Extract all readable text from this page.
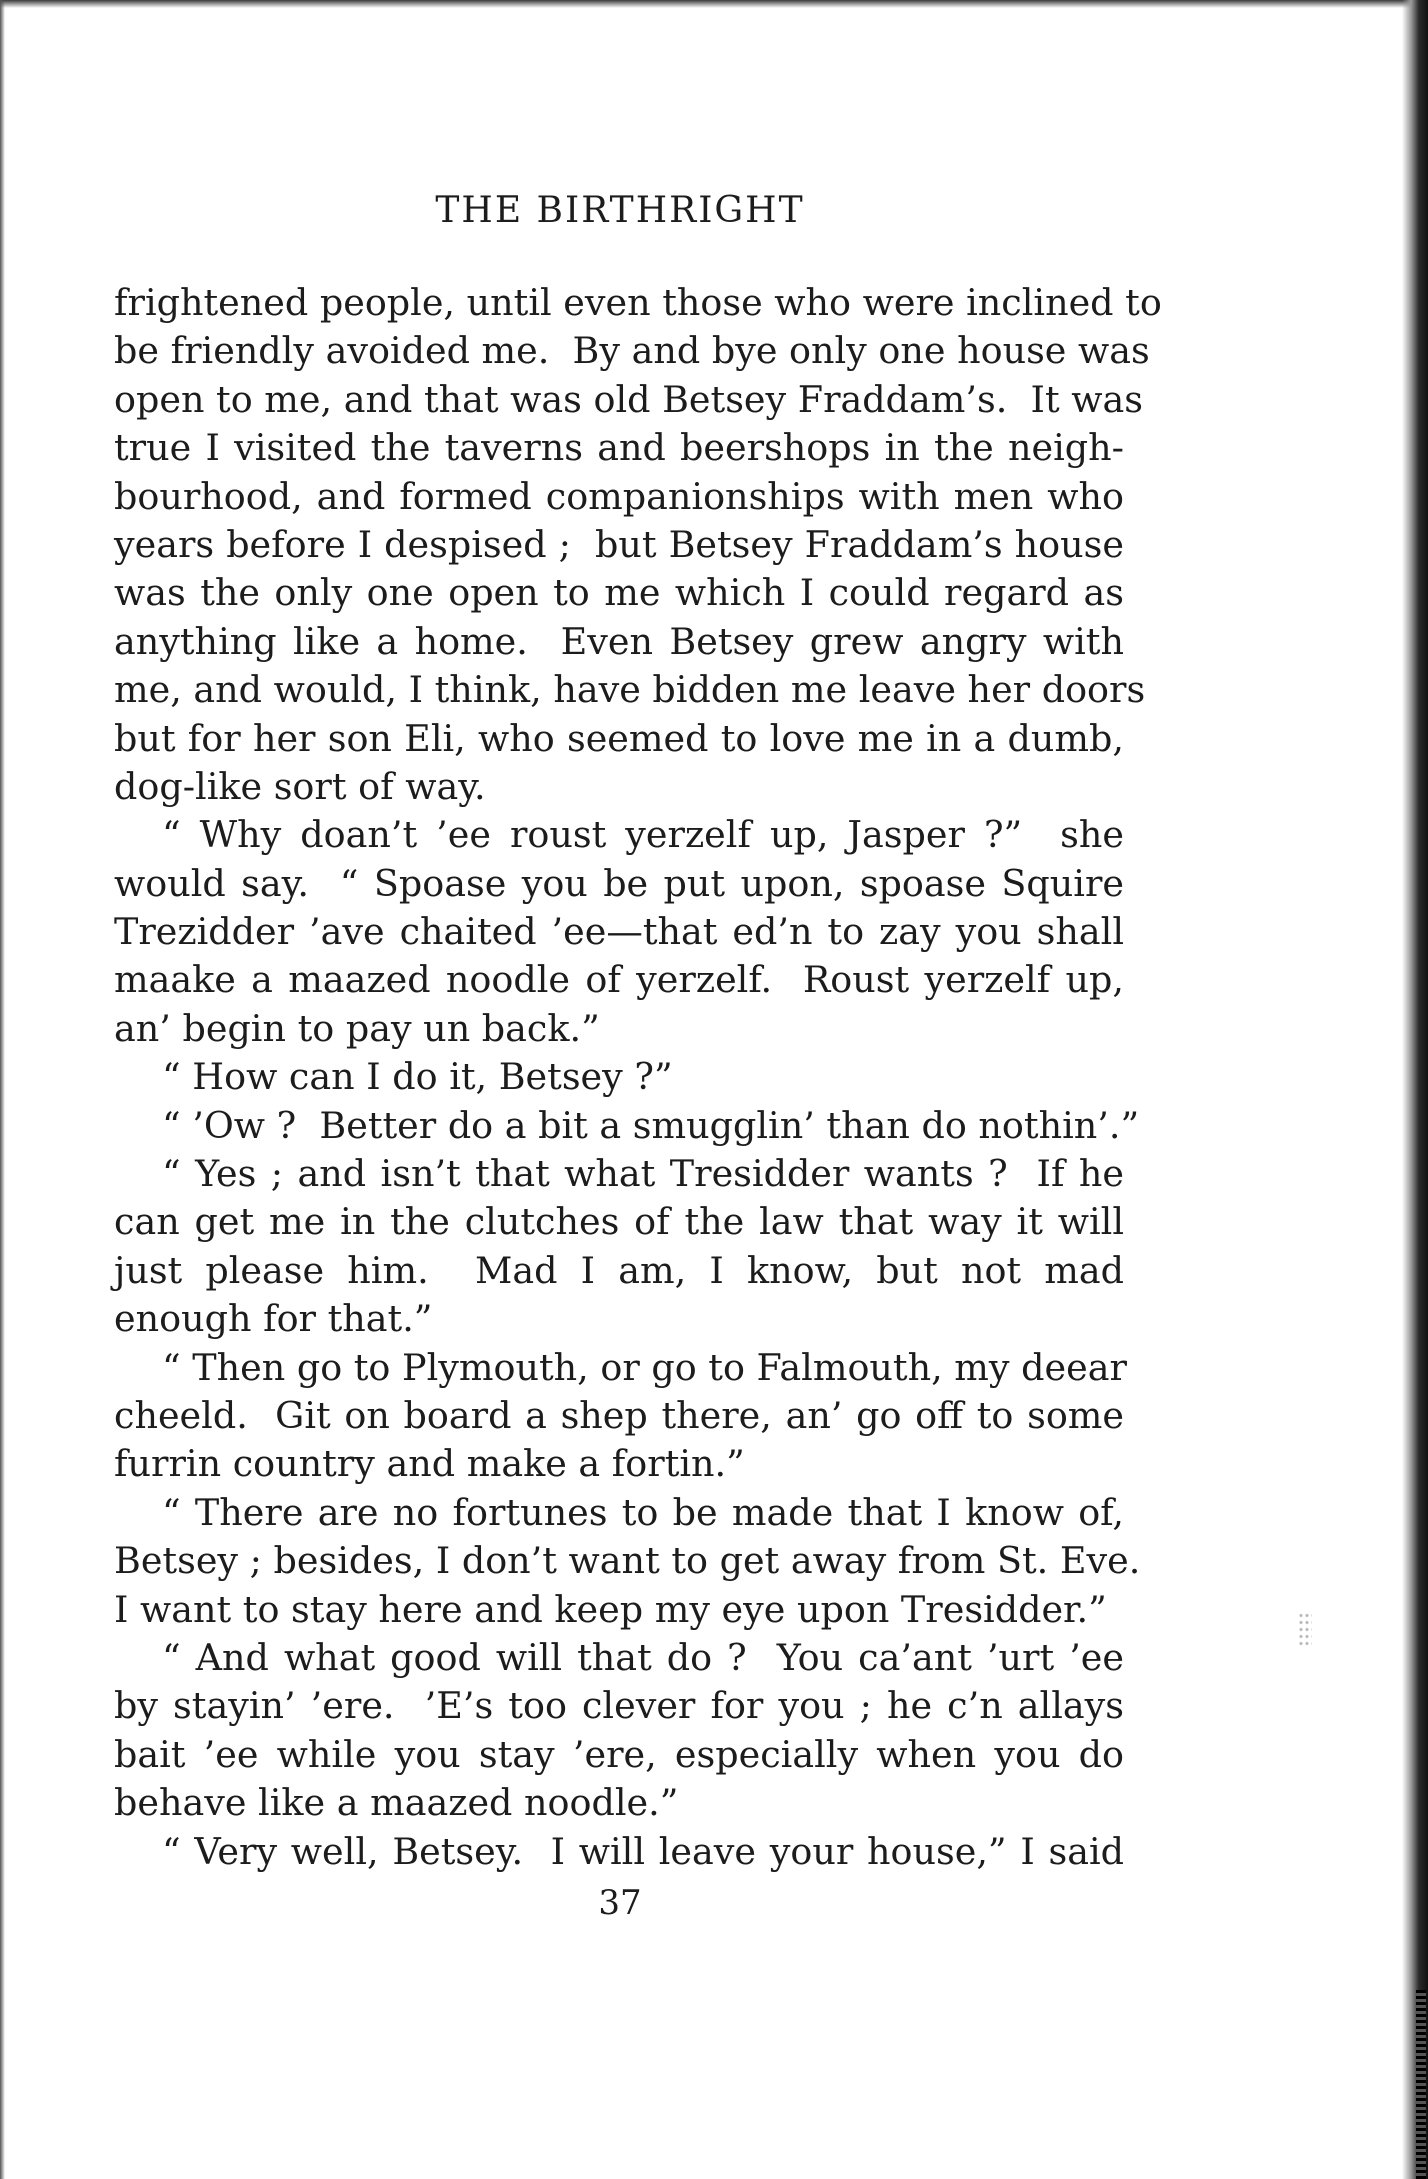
THE BIRTHRIGHT
frightened people, until even those who were inclined to
be friendly avoided me.  By and bye only one house was
open to me, and that was old Betsey Fraddam’s.  It was
true I visited the taverns and beershops in the neigh-
bourhood, and formed companionships with men who
years before I despised ;  but Betsey Fraddam’s house
was the only one open to me which I could regard as
anything like a home.  Even Betsey grew angry with
me, and would, I think, have bidden me leave her doors
but for her son Eli, who seemed to love me in a dumb,
dog-like sort of way.
“ Why doan’t ’ee roust yerzelf up, Jasper ?”  she
would say.  “ Spoase you be put upon, spoase Squire
Trezidder ’ave chaited ’ee—that ed’n to zay you shall
maake a maazed noodle of yerzelf.  Roust yerzelf up,
an’ begin to pay un back.”
“ How can I do it, Betsey ?”
“ ’Ow ?  Better do a bit a smugglin’ than do nothin’.”
“ Yes ; and isn’t that what Tresidder wants ?  If he
can get me in the clutches of the law that way it will
just please him.  Mad I am, I know, but not mad
enough for that.”
“ Then go to Plymouth, or go to Falmouth, my deear
cheeld.  Git on board a shep there, an’ go off to some
furrin country and make a fortin.”
“ There are no fortunes to be made that I know of,
Betsey ; besides, I don’t want to get away from St. Eve.
I want to stay here and keep my eye upon Tresidder.”
“ And what good will that do ?  You ca’ant ’urt ’ee
by stayin’ ’ere.  ’E’s too clever for you ; he c’n allays
bait ’ee while you stay ’ere, especially when you do
behave like a maazed noodle.”
“ Very well, Betsey.  I will leave your house,” I said
37
